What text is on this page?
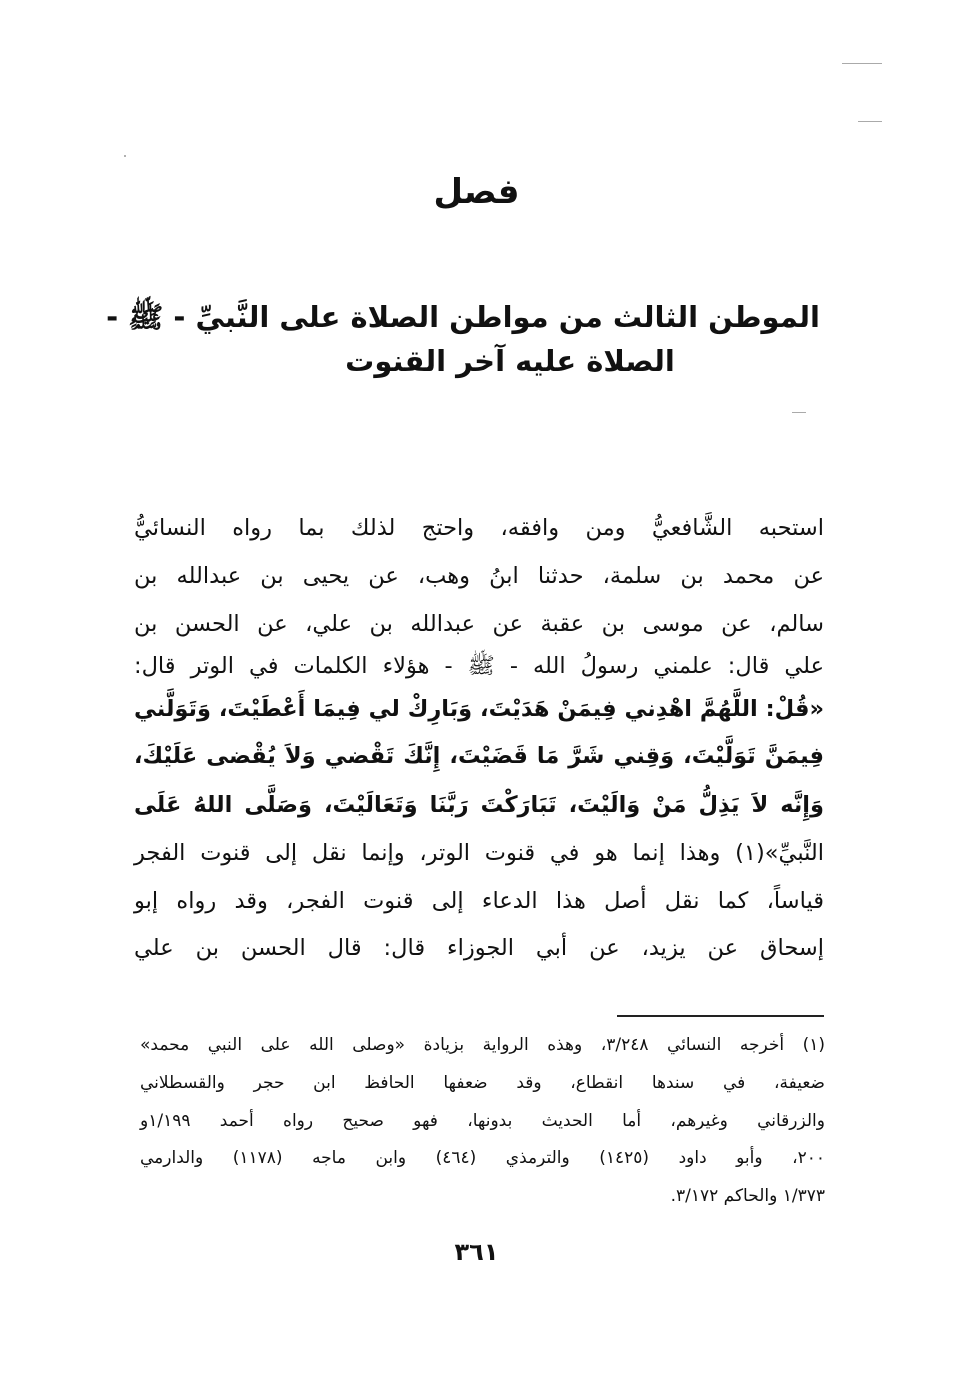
فصل
الموطن الثالث من مواطن الصلاة على النَّبيِّ - ﷺ -
الصلاة عليه آخر القنوت
استحبه الشَّافعيُّ ومن وافقه، واحتج لذلك بما رواه النسائيُّ
عن محمد بن سلمة، حدثنا ابنُ وهب، عن يحيى بن عبدالله بن
سالم، عن موسى بن عقبة عن عبدالله بن علي، عن الحسن بن
علي قال: علمني رسولُ الله - ﷺ - هؤلاء الكلمات في الوتر قال:
«قُلْ: اللَّهُمَّ اهْدِني فِيمَنْ هَدَيْتَ، وَبَارِكْ لي فِيمَا أَعْطَيْتَ، وَتَوَلَّني
فِيمَنَّ تَوَلَّيْتَ، وَقِني شَرَّ مَا قَضَيْتَ، إِنَّكَ تَقْضي وَلاَ يُقْضى عَلَيْكَ،
وَإِنَّه لاَ يَذِلُّ مَنْ وَالَيْتَ، تَبَارَكْتَ رَبَّنَا وَتَعَالَيْتَ، وَصَلَّى اللهُ عَلَى
النَّبيِّ»(١) وهذا إنما هو في قنوت الوتر، وإنما نقل إلى قنوت الفجر
قياساً، كما نقل أصل هذا الدعاء إلى قنوت الفجر، وقد رواه إبو
إسحاق عن يزيد، عن أبي الجوزاء قال: قال الحسن بن علي
(١) أخرجه النسائي ٣/٢٤٨، وهذه الرواية بزيادة «وصلى الله على النبي محمد»
ضعيفة، في سندها انقطاع، وقد ضعفها الحافظ ابن حجر والقسطلاني
والزرقاني وغيرهم، أما الحديث بدونها، فهو صحيح رواه أحمد ١/١٩٩و
٢٠٠، وأبو داود (١٤٢٥) والترمذي (٤٦٤) وابن ماجه (١١٧٨) والدارمي
١/٣٧٣ والحاكم ٣/١٧٢.
٣٦١
